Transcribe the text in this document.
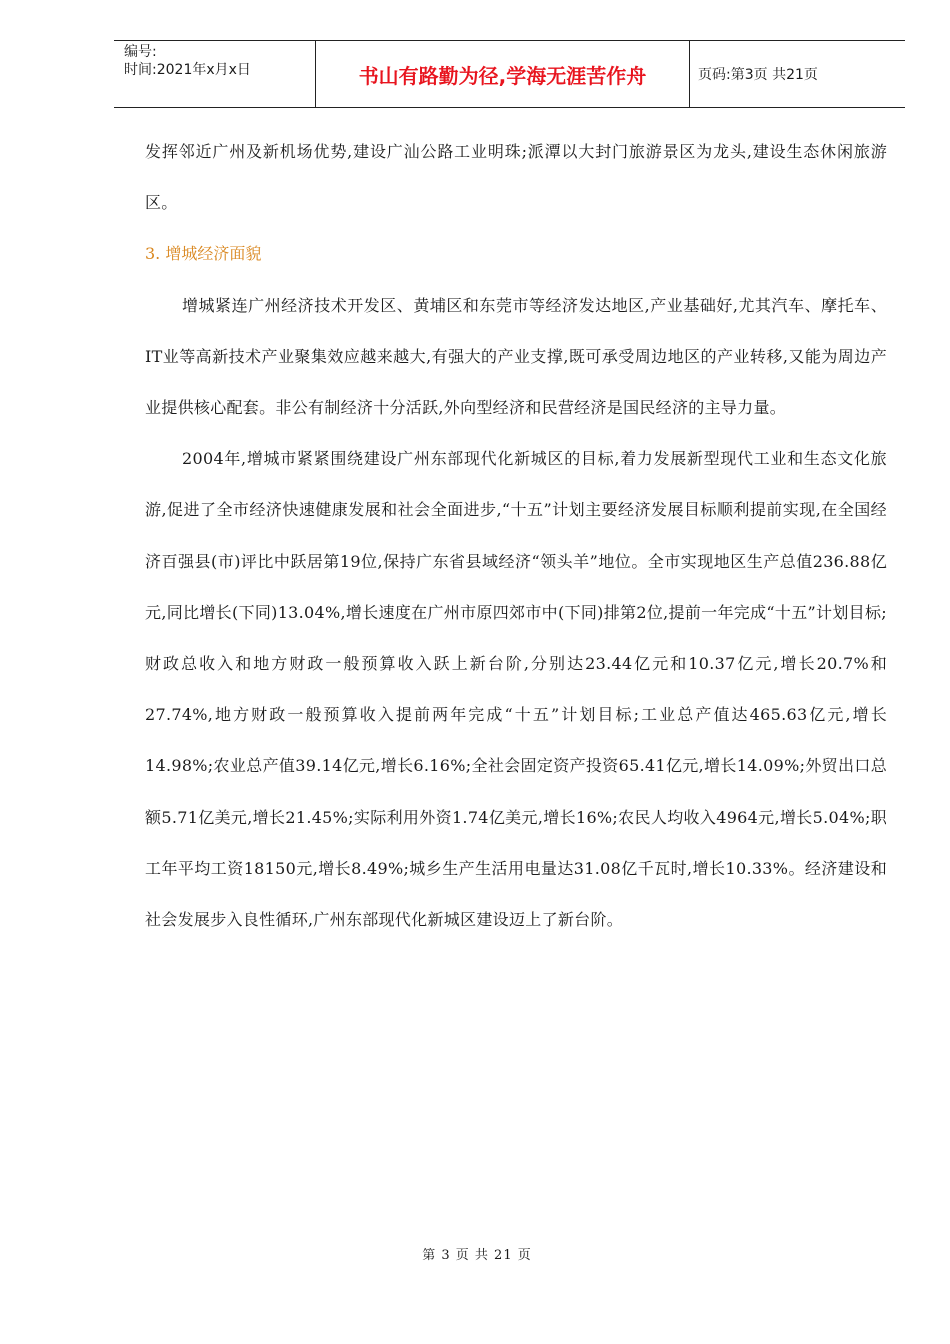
编号:
时间:2021年x月x日	书山有路勤为径,学海无涯苦作舟	页码:第3页 共21页

发挥邻近广州及新机场优势,建设广汕公路工业明珠;派潭以大封门旅游景区为龙头,建设生态休闲旅游区。

3. 增城经济面貌

增城紧连广州经济技术开发区、黄埔区和东莞市等经济发达地区,产业基础好,尤其汽车、摩托车、IT业等高新技术产业聚集效应越来越大,有强大的产业支撑,既可承受周边地区的产业转移,又能为周边产业提供核心配套。非公有制经济十分活跃,外向型经济和民营经济是国民经济的主导力量。

2004年,增城市紧紧围绕建设广州东部现代化新城区的目标,着力发展新型现代工业和生态文化旅游,促进了全市经济快速健康发展和社会全面进步,“十五”计划主要经济发展目标顺利提前实现,在全国经济百强县(市)评比中跃居第19位,保持广东省县域经济“领头羊”地位。全市实现地区生产总值236.88亿元,同比增长(下同)13.04%,增长速度在广州市原四郊市中(下同)排第2位,提前一年完成“十五”计划目标;财政总收入和地方财政一般预算收入跃上新台阶,分别达23.44亿元和10.37亿元,增长20.7%和27.74%,地方财政一般预算收入提前两年完成“十五”计划目标;工业总产值达465.63亿元,增长14.98%;农业总产值39.14亿元,增长6.16%;全社会固定资产投资65.41亿元,增长14.09%;外贸出口总额5.71亿美元,增长21.45%;实际利用外资1.74亿美元,增长16%;农民人均收入4964元,增长5.04%;职工年平均工资18150元,增长8.49%;城乡生产生活用电量达31.08亿千瓦时,增长10.33%。经济建设和社会发展步入良性循环,广州东部现代化新城区建设迈上了新台阶。

第 3 页 共 21 页
